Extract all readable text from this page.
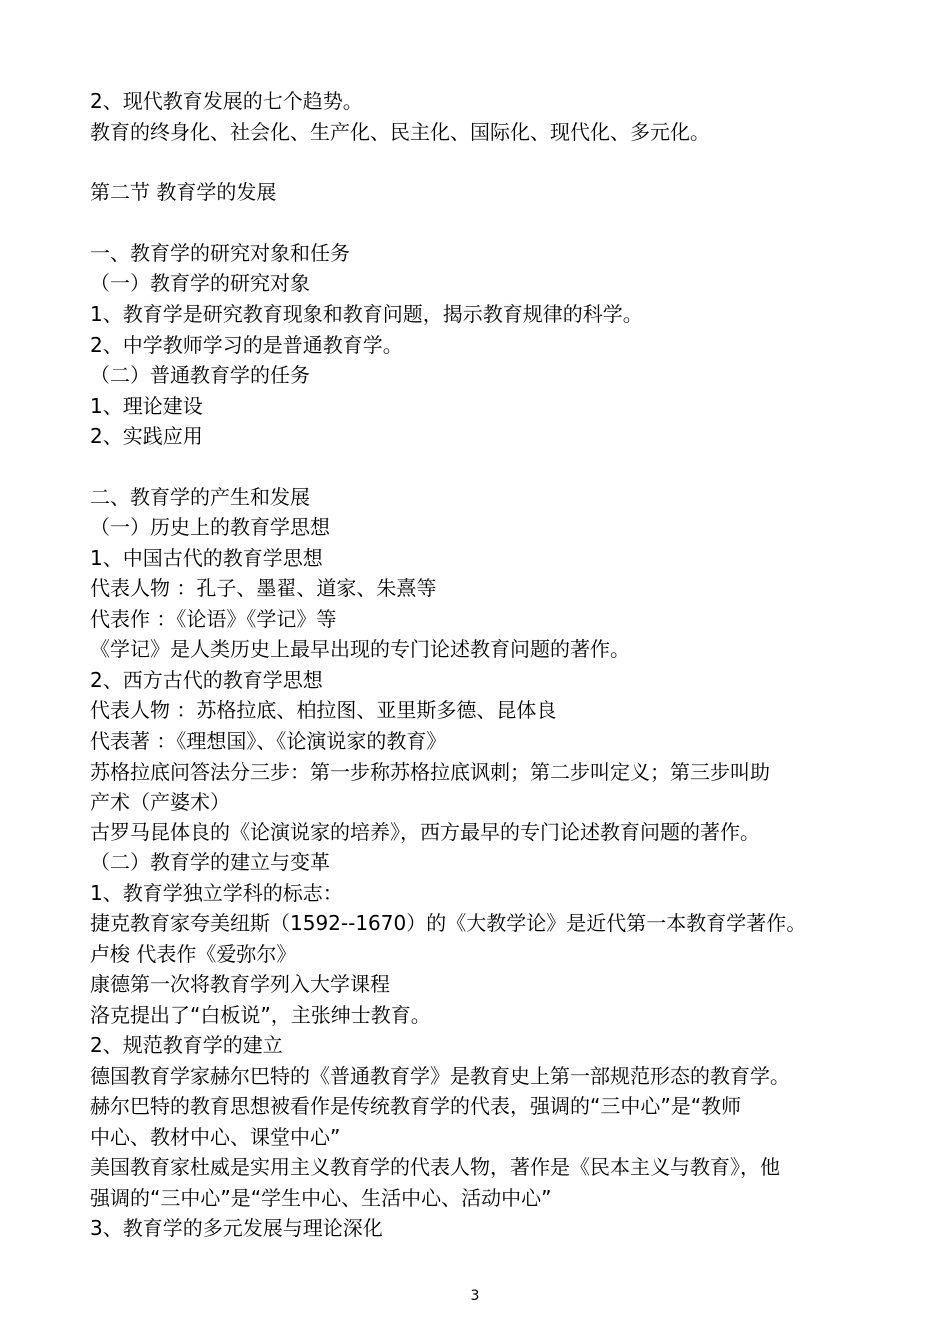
2、现代教育发展的七个趋势。
教育的终身化、社会化、生产化、民主化、国际化、现代化、多元化。
第二节 教育学的发展
一、教育学的研究对象和任务
（一）教育学的研究对象
1、教育学是研究教育现象和教育问题，揭示教育规律的科学。
2、中学教师学习的是普通教育学。
（二）普通教育学的任务
1、理论建设
2、实践应用
二、教育学的产生和发展
（一）历史上的教育学思想
1、中国古代的教育学思想
代表人物 ：孔子、墨翟、道家、朱熹等
代表作 ：《论语》《学记》等
《学记》是人类历史上最早出现的专门论述教育问题的著作。
2、西方古代的教育学思想
代表人物 ：苏格拉底、柏拉图、亚里斯多德、昆体良
代表著 ：《理想国》、《论演说家的教育》
苏格拉底问答法分三步：第一步称苏格拉底讽刺；第二步叫定义；第三步叫助
产术（产婆术）
古罗马昆体良的《论演说家的培养》，西方最早的专门论述教育问题的著作。
（二）教育学的建立与变革
1、教育学独立学科的标志：
捷克教育家夸美纽斯（1592--1670）的《大教学论》是近代第一本教育学著作。
卢梭 代表作《爱弥尔》
康德第一次将教育学列入大学课程
洛克提出了“白板说”，主张绅士教育。
2、规范教育学的建立
德国教育学家赫尔巴特的《普通教育学》是教育史上第一部规范形态的教育学。
赫尔巴特的教育思想被看作是传统教育学的代表，强调的“三中心”是“教师
中心、教材中心、课堂中心”
美国教育家杜威是实用主义教育学的代表人物，著作是《民本主义与教育》，他
强调的“三中心”是“学生中心、生活中心、活动中心”
3、教育学的多元发展与理论深化
3
